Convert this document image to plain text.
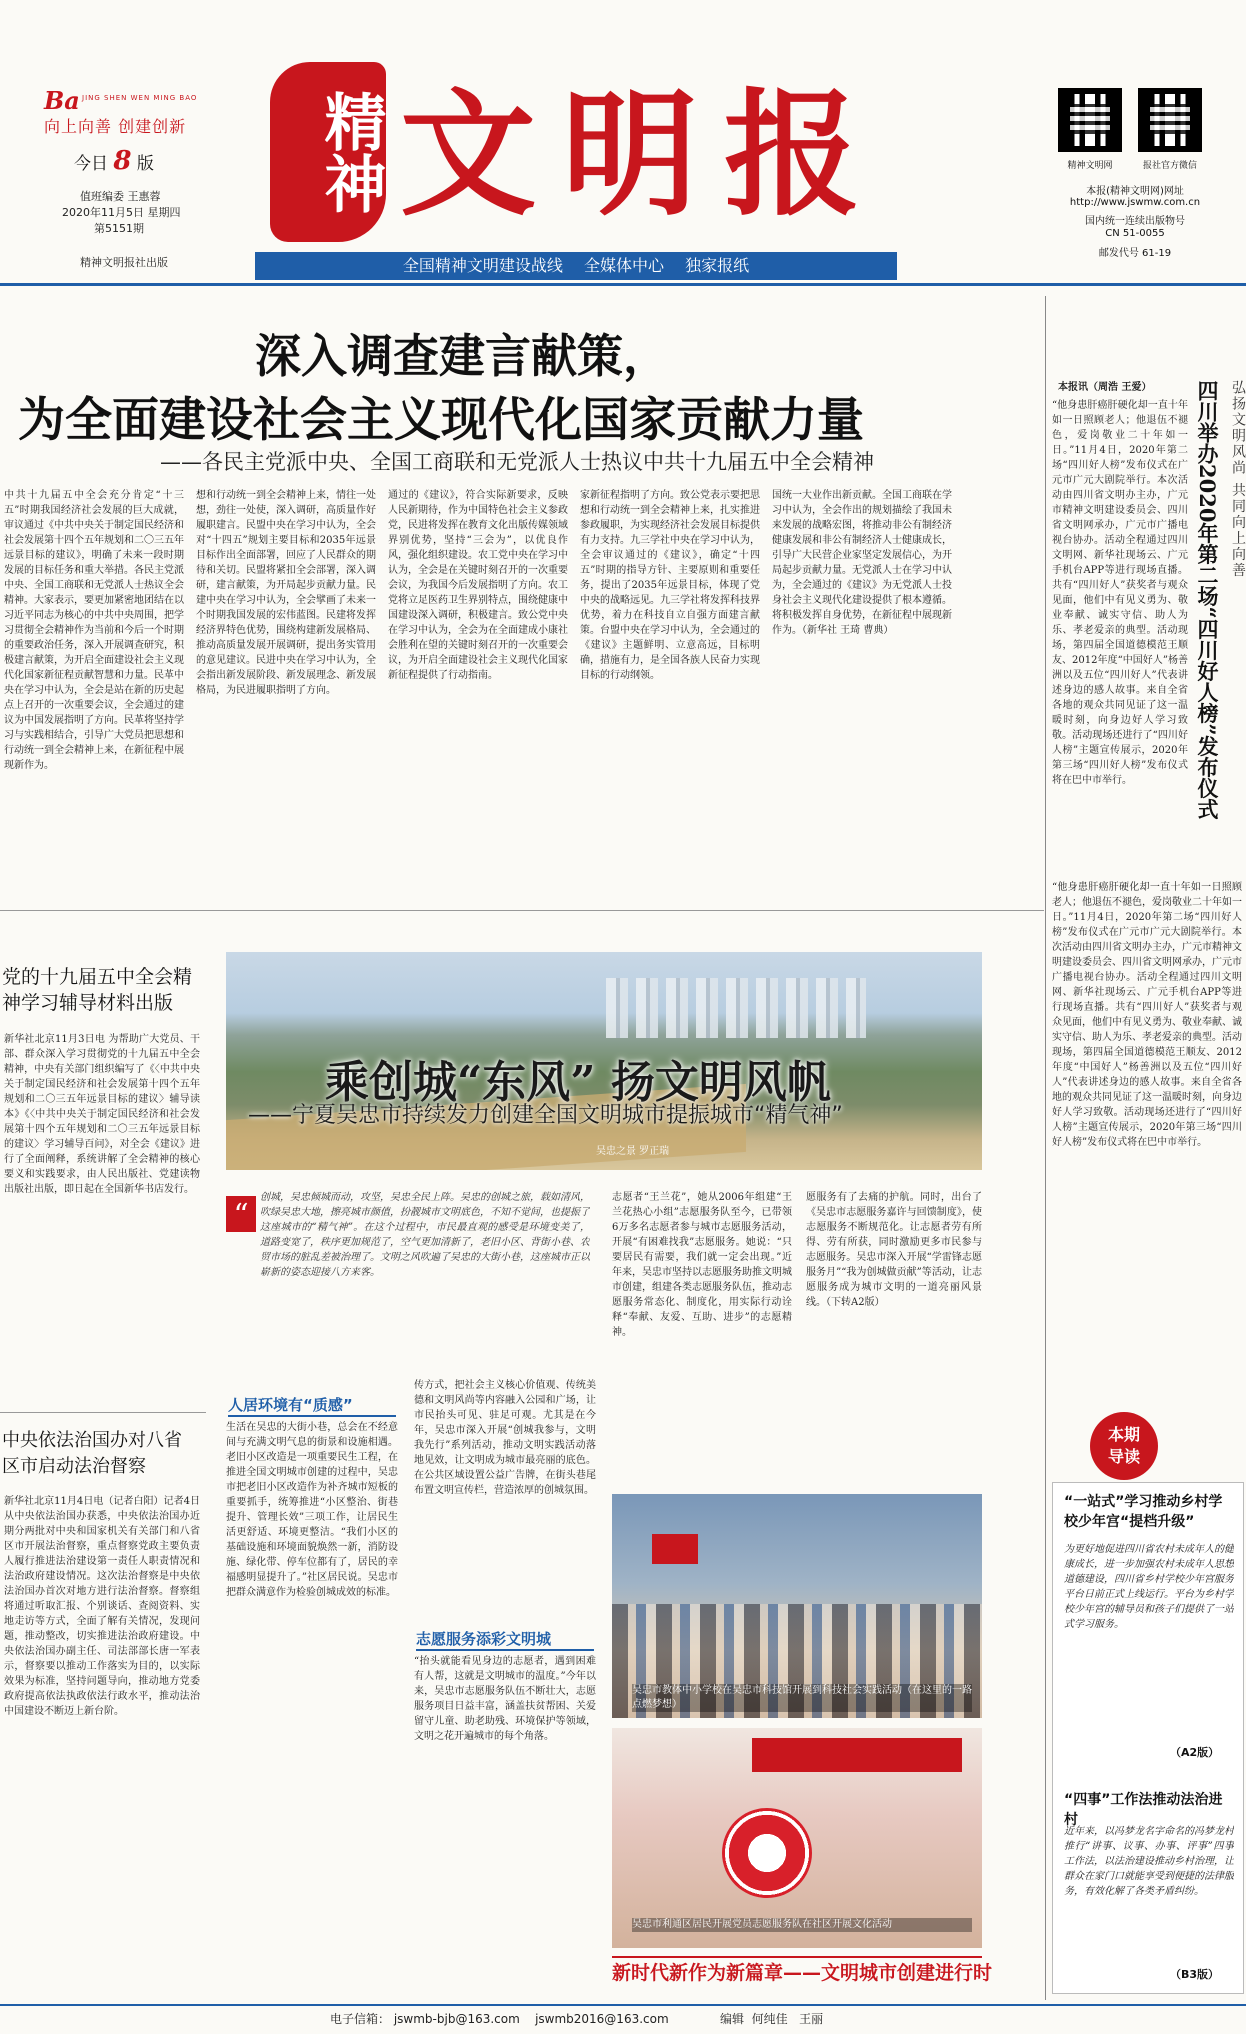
Ba JING SHEN WEN MING BAO
向上向善 创建创新
今日 8 版
值班编委 王惠蓉
2020年11月5日 星期四
第5151期
精神文明报社出版
精神 文明报
全国精神文明建设战线 全媒体中心 独家报纸
精神文明网	报社官方微信
本报(精神文明网)网址
http://www.jswmw.com.cn
国内统一连续出版物号
CN 51-0055
邮发代号 61-19
深入调查建言献策，
为全面建设社会主义现代化国家贡献力量
——各民主党派中央、全国工商联和无党派人士热议中共十九届五中全会精神
中共十九届五中全会充分肯定“十三五”时期我国经济社会发展的巨大成就，审议通过《中共中央关于制定国民经济和社会发展第十四个五年规划和二〇三五年远景目标的建议》，明确了未来一段时期发展的目标任务和重大举措。各民主党派中央、全国工商联和无党派人士热议全会精神。大家表示，要更加紧密地团结在以习近平同志为核心的中共中央周围，把学习贯彻全会精神作为当前和今后一个时期的重要政治任务，深入开展调查研究，积极建言献策，为开启全面建设社会主义现代化国家新征程贡献智慧和力量。民革中央在学习中认为，全会是站在新的历史起点上召开的一次重要会议，全会通过的建议为中国发展指明了方向。民革将坚持学习与实践相结合，引导广大党员把思想和行动统一到全会精神上来，在新征程中展现新作为。
想和行动统一到全会精神上来，情往一处想，劲往一处使，深入调研，高质量作好履职建言。民盟中央在学习中认为，全会对“十四五”规划主要目标和2035年远景目标作出全面部署，回应了人民群众的期待和关切。民盟将紧扣全会部署，深入调研，建言献策，为开局起步贡献力量。民建中央在学习中认为，全会擘画了未来一个时期我国发展的宏伟蓝图。民建将发挥经济界特色优势，围绕构建新发展格局、推动高质量发展开展调研，提出务实管用的意见建议。民进中央在学习中认为，全会指出新发展阶段、新发展理念、新发展格局，为民进履职指明了方向。
通过的《建议》，符合实际新要求，反映人民新期待，作为中国特色社会主义参政党，民进将发挥在教育文化出版传媒领域界别优势，坚持“三会为”，以优良作风，强化组织建设。农工党中央在学习中认为，全会是在关键时刻召开的一次重要会议，为我国今后发展指明了方向。农工党将立足医药卫生界别特点，围绕健康中国建设深入调研，积极建言。致公党中央在学习中认为，全会为在全面建成小康社会胜利在望的关键时刻召开的一次重要会议，为开启全面建设社会主义现代化国家新征程提供了行动指南。
家新征程指明了方向。致公党表示要把思想和行动统一到全会精神上来，扎实推进参政履职，为实现经济社会发展目标提供有力支持。九三学社中央在学习中认为，全会审议通过的《建议》，确定“十四五”时期的指导方针、主要原则和重要任务，提出了2035年远景目标，体现了党中央的战略远见。九三学社将发挥科技界优势，着力在科技自立自强方面建言献策。台盟中央在学习中认为，全会通过的《建议》主题鲜明、立意高远，目标明确，措施有力，是全国各族人民奋力实现目标的行动纲领。
国统一大业作出新贡献。全国工商联在学习中认为，全会作出的规划描绘了我国未来发展的战略宏图，将推动非公有制经济健康发展和非公有制经济人士健康成长，引导广大民营企业家坚定发展信心，为开局起步贡献力量。无党派人士在学习中认为，全会通过的《建议》为无党派人士投身社会主义现代化建设提供了根本遵循。将积极发挥自身优势，在新征程中展现新作为。（新华社 王琦 曹典）
弘扬文明风尚 共同向上向善
四川举办2020年第二场“四川好人榜”发布仪式
本报讯（周浩 王爱）
“他身患肝癌肝硬化却一直十年如一日照顾老人；他退伍不褪色，爱岗敬业二十年如一日。”11月4日，2020年第二场“四川好人榜”发布仪式在广元市广元大剧院举行。本次活动由四川省文明办主办，广元市精神文明建设委员会、四川省文明网承办，广元市广播电视台协办。活动全程通过四川文明网、新华社现场云、广元手机台APP等进行现场直播。共有“四川好人”获奖者与观众见面，他们中有见义勇为、敬业奉献、诚实守信、助人为乐、孝老爱亲的典型。活动现场，第四届全国道德模范王顺友、2012年度“中国好人”杨善洲以及五位“四川好人”代表讲述身边的感人故事。来自全省各地的观众共同见证了这一温暖时刻，向身边好人学习致敬。活动现场还进行了“四川好人榜”主题宣传展示，2020年第三场“四川好人榜”发布仪式将在巴中市举行。
“他身患肝癌肝硬化却一直十年如一日照顾老人；他退伍不褪色，爱岗敬业二十年如一日。”11月4日，2020年第二场“四川好人榜”发布仪式在广元市广元大剧院举行。本次活动由四川省文明办主办，广元市精神文明建设委员会、四川省文明网承办，广元市广播电视台协办。活动全程通过四川文明网、新华社现场云、广元手机台APP等进行现场直播。共有“四川好人”获奖者与观众见面，他们中有见义勇为、敬业奉献、诚实守信、助人为乐、孝老爱亲的典型。活动现场，第四届全国道德模范王顺友、2012年度“中国好人”杨善洲以及五位“四川好人”代表讲述身边的感人故事。来自全省各地的观众共同见证了这一温暖时刻，向身边好人学习致敬。活动现场还进行了“四川好人榜”主题宣传展示，2020年第三场“四川好人榜”发布仪式将在巴中市举行。
党的十九届五中全会精神学习辅导材料出版
新华社北京11月3日电 为帮助广大党员、干部、群众深入学习贯彻党的十九届五中全会精神，中央有关部门组织编写了《〈中共中央关于制定国民经济和社会发展第十四个五年规划和二〇三五年远景目标的建议〉辅导读本》《〈中共中央关于制定国民经济和社会发展第十四个五年规划和二〇三五年远景目标的建议〉学习辅导百问》，对全会《建议》进行了全面阐释，系统讲解了全会精神的核心要义和实践要求，由人民出版社、党建读物出版社出版，即日起在全国新华书店发行。
中央依法治国办对八省区市启动法治督察
新华社北京11月4日电（记者白阳）记者4日从中央依法治国办获悉，中央依法治国办近期分两批对中央和国家机关有关部门和八省区市开展法治督察，重点督察党政主要负责人履行推进法治建设第一责任人职责情况和法治政府建设情况。这次法治督察是中央依法治国办首次对地方进行法治督察。督察组将通过听取汇报、个别谈话、查阅资料、实地走访等方式，全面了解有关情况，发现问题，推动整改，切实推进法治政府建设。中央依法治国办副主任、司法部部长唐一军表示，督察要以推动工作落实为目的，以实际效果为标准，坚持问题导向，推动地方党委政府提高依法执政依法行政水平，推动法治中国建设不断迈上新台阶。
吴忠之景 罗正瑞
乘创城“东风” 扬文明风帆
——宁夏吴忠市持续发力创建全国文明城市提振城市“精气神”
“
创城，吴忠倾城而动，攻坚，吴忠全民上阵。吴忠的创城之旅，载如清风，吹绿吴忠大地，擦亮城市颜值，扮靓城市文明底色，不知不觉间，也提振了这座城市的“精气神”。在这个过程中，市民最直观的感受是环境变美了，道路变宽了，秩序更加规范了，空气更加清新了，老旧小区、背街小巷、农贸市场的脏乱差被治理了。文明之风吹遍了吴忠的大街小巷，这座城市正以崭新的姿态迎接八方来客。
人居环境有“质感”
生活在吴忠的大街小巷，总会在不经意间与充满文明气息的街景和设施相遇。老旧小区改造是一项重要民生工程，在推进全国文明城市创建的过程中，吴忠市把老旧小区改造作为补齐城市短板的重要抓手，统筹推进“小区整治、街巷提升、管理长效”三项工作，让居民生活更舒适、环境更整洁。“我们小区的基础设施和环境面貌焕然一新，消防设施、绿化带、停车位都有了，居民的幸福感明显提升了。”社区居民说。吴忠市把群众满意作为检验创城成效的标准。
传方式，把社会主义核心价值观、传统美德和文明风尚等内容融入公园和广场，让市民抬头可见、驻足可观。尤其是在今年，吴忠市深入开展“创城我参与，文明我先行”系列活动，推动文明实践活动落地见效，让文明成为城市最亮丽的底色。在公共区域设置公益广告牌，在街头巷尾布置文明宣传栏，营造浓厚的创城氛围。
志愿服务添彩文明城
“抬头就能看见身边的志愿者，遇到困难有人帮，这就是文明城市的温度。”今年以来，吴忠市志愿服务队伍不断壮大，志愿服务项目日益丰富，涵盖扶贫帮困、关爱留守儿童、助老助残、环境保护等领域，文明之花开遍城市的每个角落。
志愿者“王兰花”，她从2006年组建“王兰花热心小组”志愿服务队至今，已带领6万多名志愿者参与城市志愿服务活动，开展“有困难找我”志愿服务。她说：“只要居民有需要，我们就一定会出现。”近年来，吴忠市坚持以志愿服务助推文明城市创建，组建各类志愿服务队伍，推动志愿服务常态化、制度化，用实际行动诠释“奉献、友爱、互助、进步”的志愿精神。
愿服务有了去痛的护航。同时，出台了《吴忠市志愿服务嘉许与回馈制度》，使志愿服务不断规范化。让志愿者劳有所得、劳有所获，同时激励更多市民参与志愿服务。吴忠市深入开展“学雷锋志愿服务月”“我为创城做贡献”等活动，让志愿服务成为城市文明的一道亮丽风景线。（下转A2版）
吴忠市教体中小学校在吴忠市科技馆开展到科技社会实践活动（在这里的一路点燃梦想）
吴忠市利通区居民开展党员志愿服务队在社区开展文化活动
新时代新作为新篇章——文明城市创建进行时
本期
导读
“一站式”学习推动乡村学校少年宫“提档升级”
为更好地促进四川省农村未成年人的健康成长，进一步加强农村未成年人思想道德建设，四川省乡村学校少年宫服务平台日前正式上线运行。平台为乡村学校少年宫的辅导员和孩子们提供了一站式学习服务。
（A2版）
“四事”工作法推动法治进村
近年来，以冯梦龙名字命名的冯梦龙村推行“讲事、议事、办事、评事”四事工作法，以法治建设推动乡村治理，让群众在家门口就能享受到便捷的法律服务，有效化解了各类矛盾纠纷。
（B3版）
电子信箱： jswmb-bjb@163.com jswmb2016@163.com	编辑 何纯佳 王丽
